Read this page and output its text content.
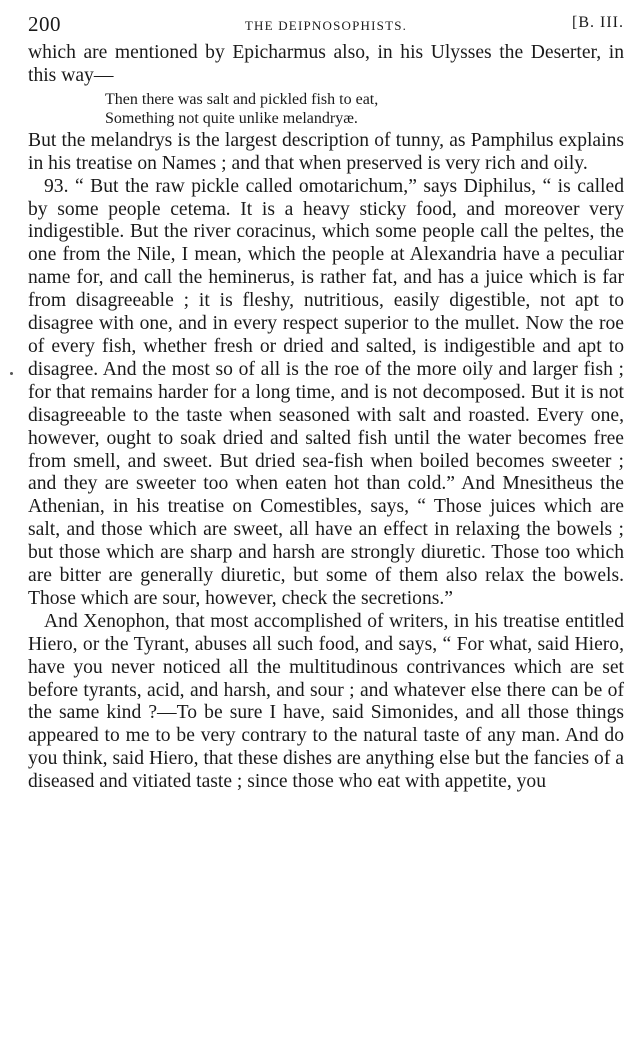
200	THE DEIPNOSOPHISTS.	[B. III.

which are mentioned by Epicharmus also, in his Ulysses the Deserter, in this way—

Then there was salt and pickled fish to eat,
Something not quite unlike melandryæ.

But the melandrys is the largest description of tunny, as Pamphilus explains in his treatise on Names ; and that when preserved is very rich and oily.

93. “ But the raw pickle called omotarichum,” says Diphilus, “ is called by some people cetema. It is a heavy sticky food, and moreover very indigestible. But the river coracinus, which some people call the peltes, the one from the Nile, I mean, which the people at Alexandria have a peculiar name for, and call the heminerus, is rather fat, and has a juice which is far from disagreeable ; it is fleshy, nutritious, easily digestible, not apt to disagree with one, and in every respect superior to the mullet. Now the roe of every fish, whether fresh or dried and salted, is indigestible and apt to disagree. And the most so of all is the roe of the more oily and larger fish ; for that remains harder for a long time, and is not decomposed. But it is not disagreeable to the taste when seasoned with salt and roasted. Every one, however, ought to soak dried and salted fish until the water becomes free from smell, and sweet. But dried sea-fish when boiled becomes sweeter ; and they are sweeter too when eaten hot than cold.” And Mnesitheus the Athenian, in his treatise on Comestibles, says, “ Those juices which are salt, and those which are sweet, all have an effect in relaxing the bowels ; but those which are sharp and harsh are strongly diuretic. Those too which are bitter are generally diuretic, but some of them also relax the bowels. Those which are sour, however, check the secretions.”

And Xenophon, that most accomplished of writers, in his treatise entitled Hiero, or the Tyrant, abuses all such food, and says, “ For what, said Hiero, have you never noticed all the multitudinous contrivances which are set before tyrants, acid, and harsh, and sour ; and whatever else there can be of the same kind ?—To be sure I have, said Simonides, and all those things appeared to me to be very contrary to the natural taste of any man. And do you think, said Hiero, that these dishes are anything else but the fancies of a diseased and vitiated taste ; since those who eat with appetite, you
